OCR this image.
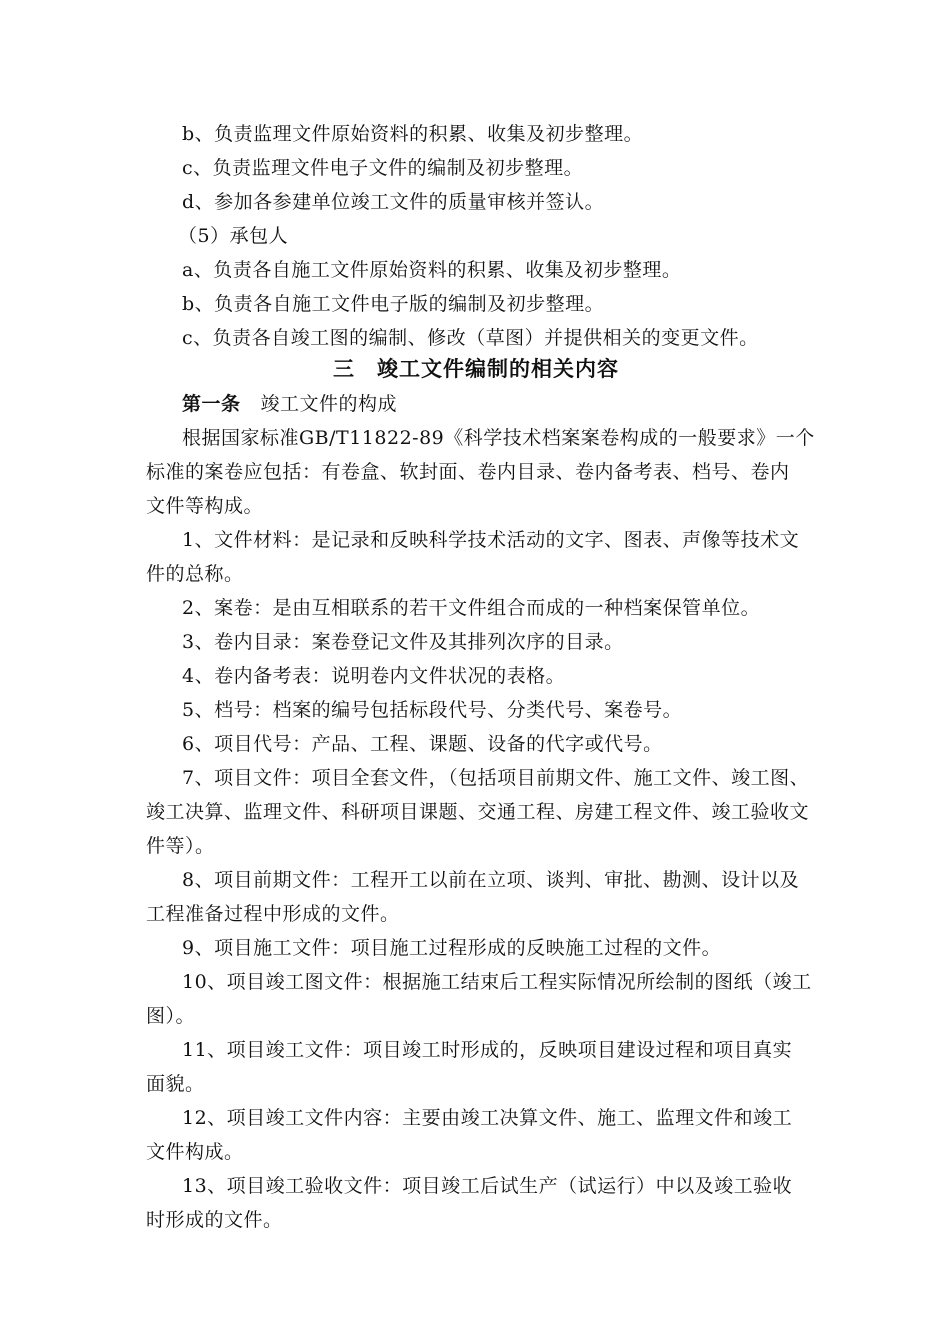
b、负责监理文件原始资料的积累、收集及初步整理。
c、负责监理文件电子文件的编制及初步整理。
d、参加各参建单位竣工文件的质量审核并签认。
（5）承包人
a、负责各自施工文件原始资料的积累、收集及初步整理。
b、负责各自施工文件电子版的编制及初步整理。
c、负责各自竣工图的编制、修改（草图）并提供相关的变更文件。
三 竣工文件编制的相关内容
第一条 竣工文件的构成
根据国家标准GB/T11822-89《科学技术档案案卷构成的一般要求》一个
标准的案卷应包括：有卷盒、软封面、卷内目录、卷内备考表、档号、卷内
文件等构成。
1、文件材料：是记录和反映科学技术活动的文字、图表、声像等技术文
件的总称。
2、案卷：是由互相联系的若干文件组合而成的一种档案保管单位。
3、卷内目录：案卷登记文件及其排列次序的目录。
4、卷内备考表：说明卷内文件状况的表格。
5、档号：档案的编号包括标段代号、分类代号、案卷号。
6、项目代号：产品、工程、课题、设备的代字或代号。
7、项目文件：项目全套文件，（包括项目前期文件、施工文件、竣工图、
竣工决算、监理文件、科研项目课题、交通工程、房建工程文件、竣工验收文
件等）。
8、项目前期文件：工程开工以前在立项、谈判、审批、勘测、设计以及
工程准备过程中形成的文件。
9、项目施工文件：项目施工过程形成的反映施工过程的文件。
10、项目竣工图文件：根据施工结束后工程实际情况所绘制的图纸（竣工
图）。
11、项目竣工文件：项目竣工时形成的，反映项目建设过程和项目真实
面貌。
12、项目竣工文件内容：主要由竣工决算文件、施工、监理文件和竣工
文件构成。
13、项目竣工验收文件：项目竣工后试生产（试运行）中以及竣工验收
时形成的文件。
